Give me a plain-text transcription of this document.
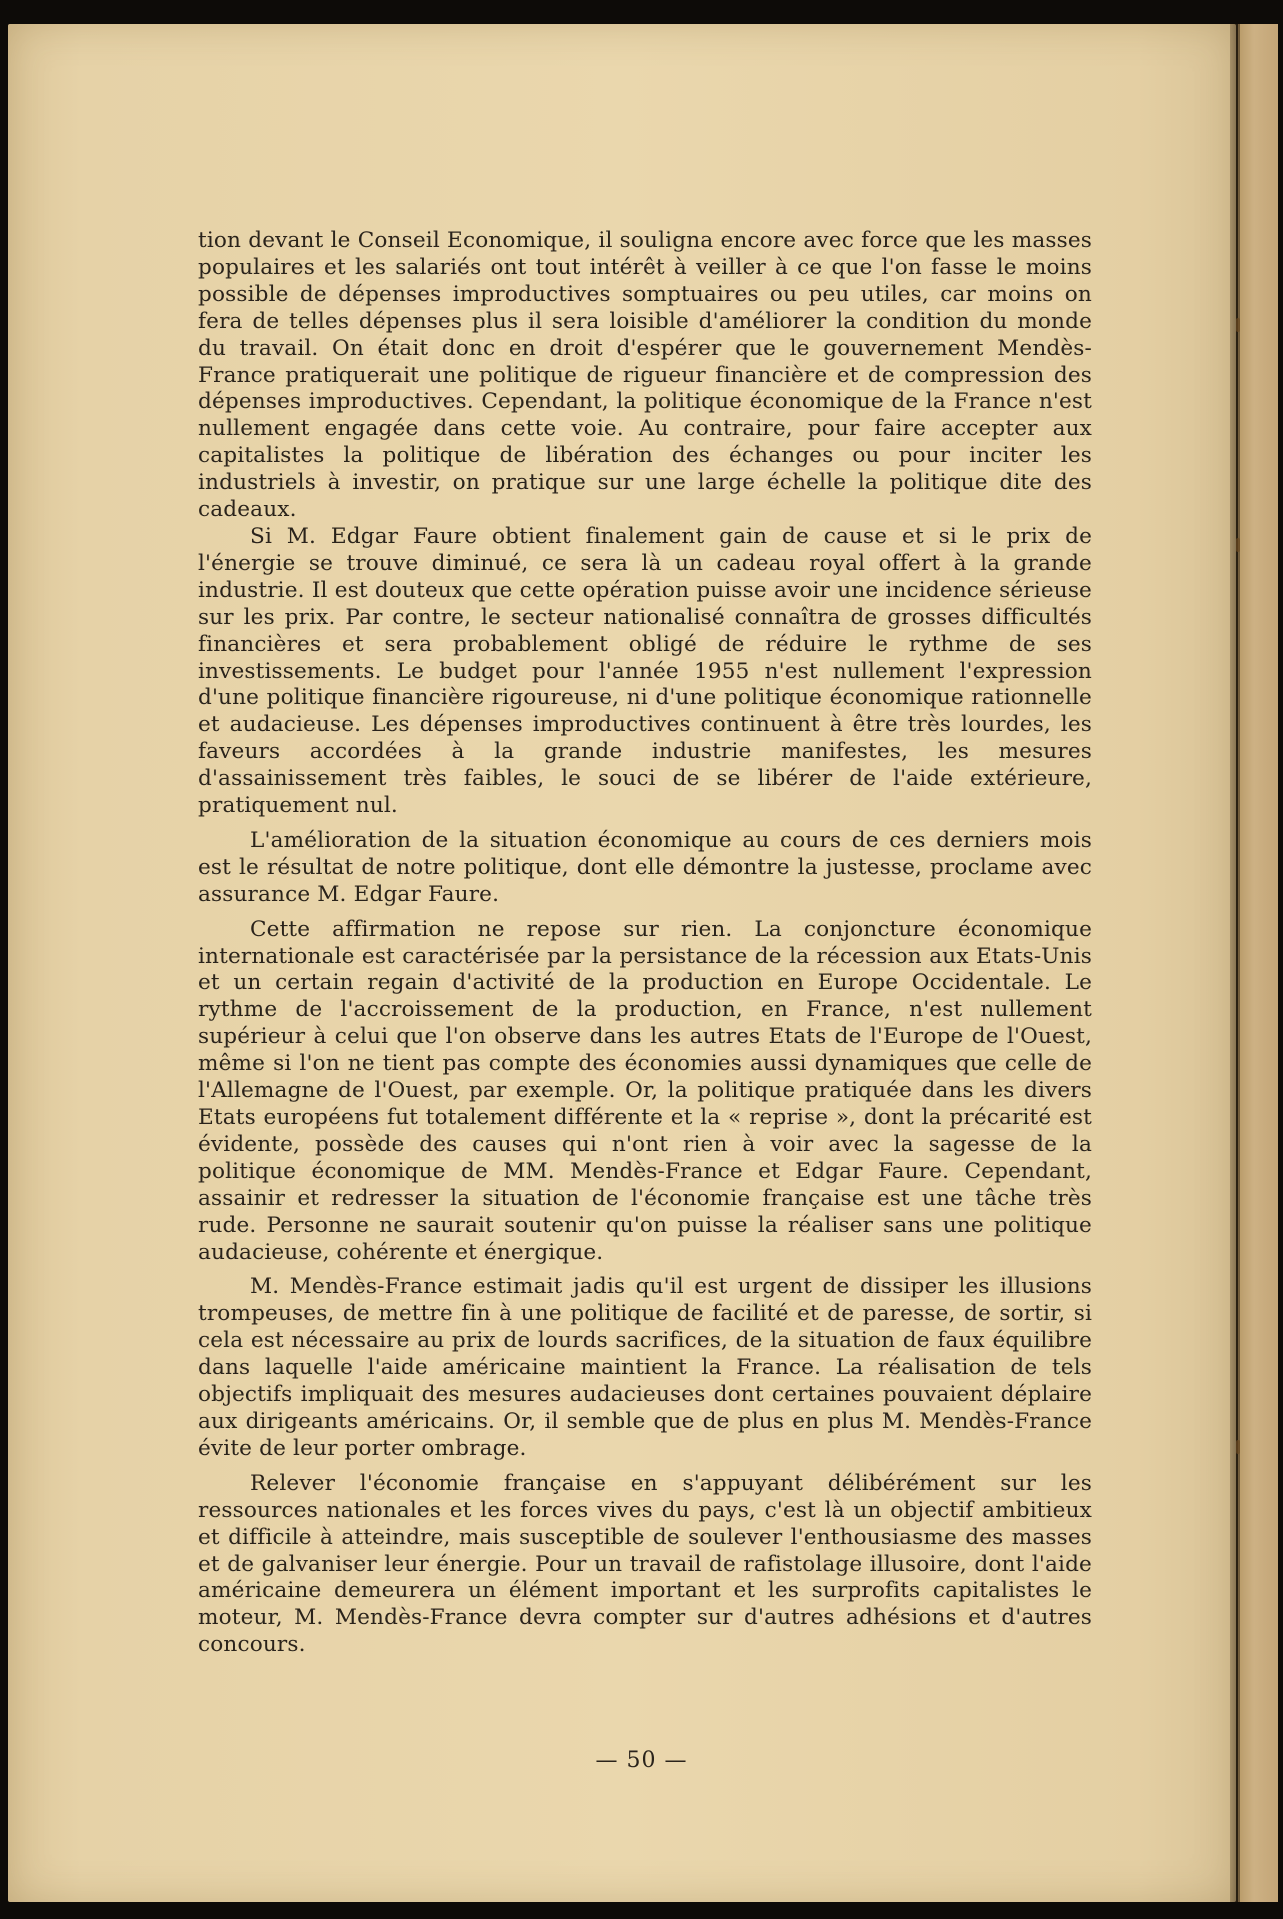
tion devant le Conseil Economique, il souligna encore avec force que les masses populaires et les salariés ont tout intérêt à veiller à ce que l'on fasse le moins possible de dépenses improductives somptuaires ou peu utiles, car moins on fera de telles dépenses plus il sera loisible d'améliorer la condition du monde du travail. On était donc en droit d'espérer que le gouvernement Mendès-France pratiquerait une politique de rigueur financière et de compression des dépenses improductives. Cependant, la politique économique de la France n'est nullement engagée dans cette voie. Au contraire, pour faire accepter aux capitalistes la politique de libération des échanges ou pour inciter les industriels à investir, on pratique sur une large échelle la politique dite des cadeaux.

Si M. Edgar Faure obtient finalement gain de cause et si le prix de l'énergie se trouve diminué, ce sera là un cadeau royal offert à la grande industrie. Il est douteux que cette opération puisse avoir une incidence sérieuse sur les prix. Par contre, le secteur nationalisé connaîtra de grosses difficultés financières et sera probablement obligé de réduire le rythme de ses investissements. Le budget pour l'année 1955 n'est nullement l'expression d'une politique financière rigoureuse, ni d'une politique économique rationnelle et audacieuse. Les dépenses improductives continuent à être très lourdes, les faveurs accordées à la grande industrie manifestes, les mesures d'assainissement très faibles, le souci de se libérer de l'aide extérieure, pratiquement nul.

L'amélioration de la situation économique au cours de ces derniers mois est le résultat de notre politique, dont elle démontre la justesse, proclame avec assurance M. Edgar Faure.

Cette affirmation ne repose sur rien. La conjoncture économique internationale est caractérisée par la persistance de la récession aux Etats-Unis et un certain regain d'activité de la production en Europe Occidentale. Le rythme de l'accroissement de la production, en France, n'est nullement supérieur à celui que l'on observe dans les autres Etats de l'Europe de l'Ouest, même si l'on ne tient pas compte des économies aussi dynamiques que celle de l'Allemagne de l'Ouest, par exemple. Or, la politique pratiquée dans les divers Etats européens fut totalement différente et la « reprise », dont la précarité est évidente, possède des causes qui n'ont rien à voir avec la sagesse de la politique économique de MM. Mendès-France et Edgar Faure. Cependant, assainir et redresser la situation de l'économie française est une tâche très rude. Personne ne saurait soutenir qu'on puisse la réaliser sans une politique audacieuse, cohérente et énergique.

M. Mendès-France estimait jadis qu'il est urgent de dissiper les illusions trompeuses, de mettre fin à une politique de facilité et de paresse, de sortir, si cela est nécessaire au prix de lourds sacrifices, de la situation de faux équilibre dans laquelle l'aide américaine maintient la France. La réalisation de tels objectifs impliquait des mesures audacieuses dont certaines pouvaient déplaire aux dirigeants américains. Or, il semble que de plus en plus M. Mendès-France évite de leur porter ombrage.

Relever l'économie française en s'appuyant délibérément sur les ressources nationales et les forces vives du pays, c'est là un objectif ambitieux et difficile à atteindre, mais susceptible de soulever l'enthousiasme des masses et de galvaniser leur énergie. Pour un travail de rafistolage illusoire, dont l'aide américaine demeurera un élément important et les surprofits capitalistes le moteur, M. Mendès-France devra compter sur d'autres adhésions et d'autres concours.

— 50 —
